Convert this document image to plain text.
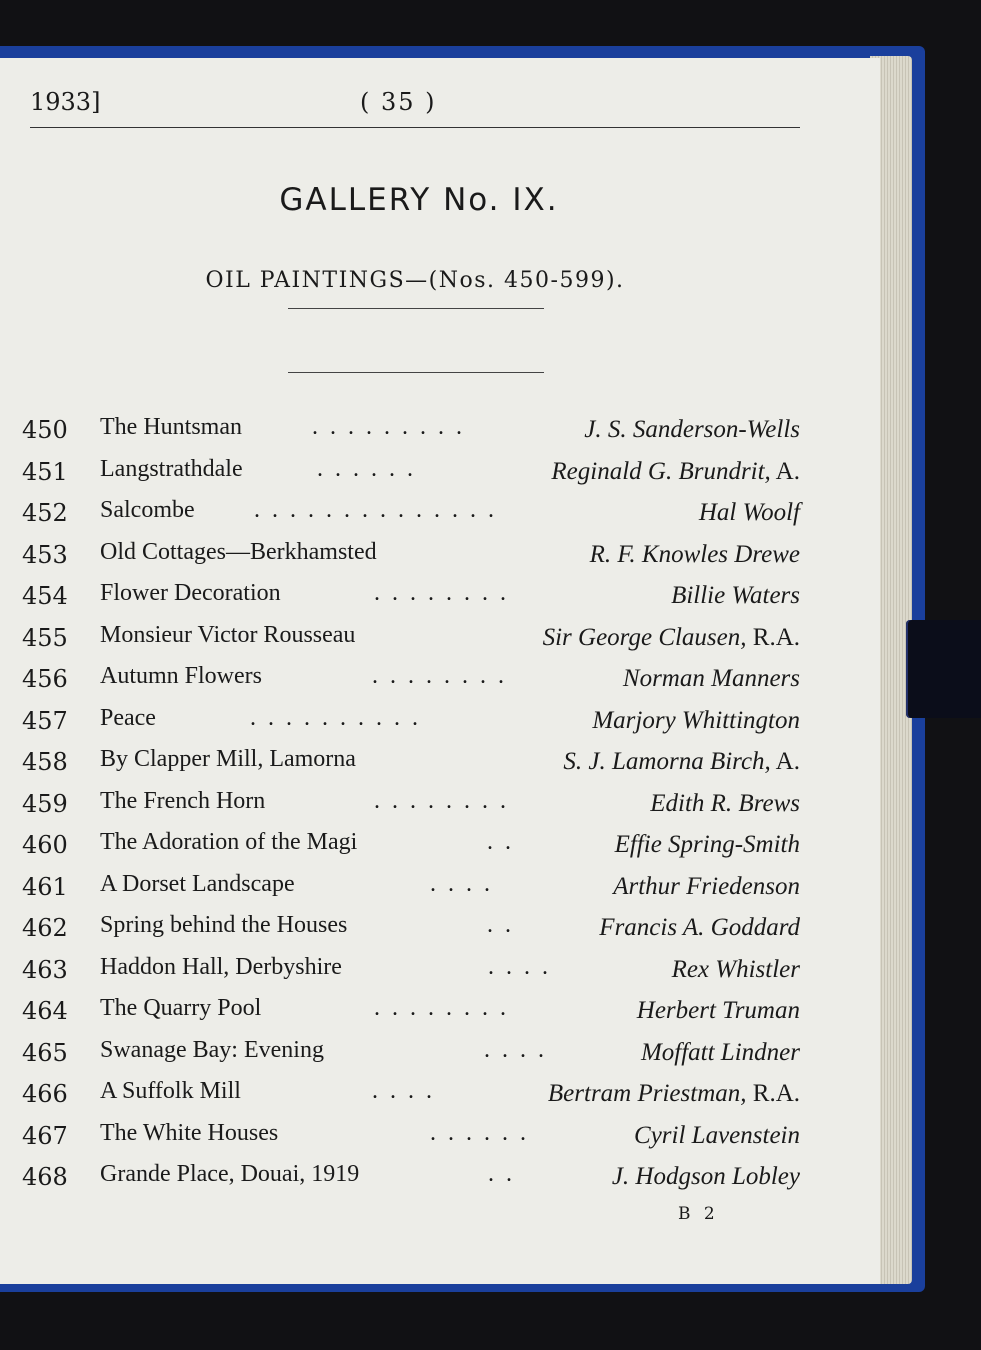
1933]	( 35 )
GALLERY No. IX.
OIL PAINTINGS—(Nos. 450-599).
450 The Huntsman	. . . . . . . . .	J. S. Sanderson-Wells
451 Langstrathdale	. . . . . .	Reginald G. Brundrit, A.
452 Salcombe . . . . . . . . . . . . . .	Hal Woolf
453 Old Cottages—Berkhamsted	R. F. Knowles Drewe
454 Flower Decoration	. . . . . . . .	Billie Waters
455 Monsieur Victor Rousseau	Sir George Clausen, R.A.
456 Autumn Flowers	. . . . . . . .	Norman Manners
457 Peace	. . . . . . . . . .	Marjory Whittington
458 By Clapper Mill, Lamorna	S. J. Lamorna Birch, A.
459 The French Horn	. . . . . . . .	Edith R. Brews
460 The Adoration of the Magi	. .	Effie Spring-Smith
461 A Dorset Landscape	. . . .	Arthur Friedenson
462 Spring behind the Houses	. .	Francis A. Goddard
463 Haddon Hall, Derbyshire	. . . .	Rex Whistler
464 The Quarry Pool	. . . . . . . .	Herbert Truman
465 Swanage Bay: Evening	. . . .	Moffatt Lindner
466 A Suffolk Mill	. . . .	Bertram Priestman, R.A.
467 The White Houses	. . . . . .	Cyril Lavenstein
468 Grande Place, Douai, 1919	. .	J. Hodgson Lobley
B 2
